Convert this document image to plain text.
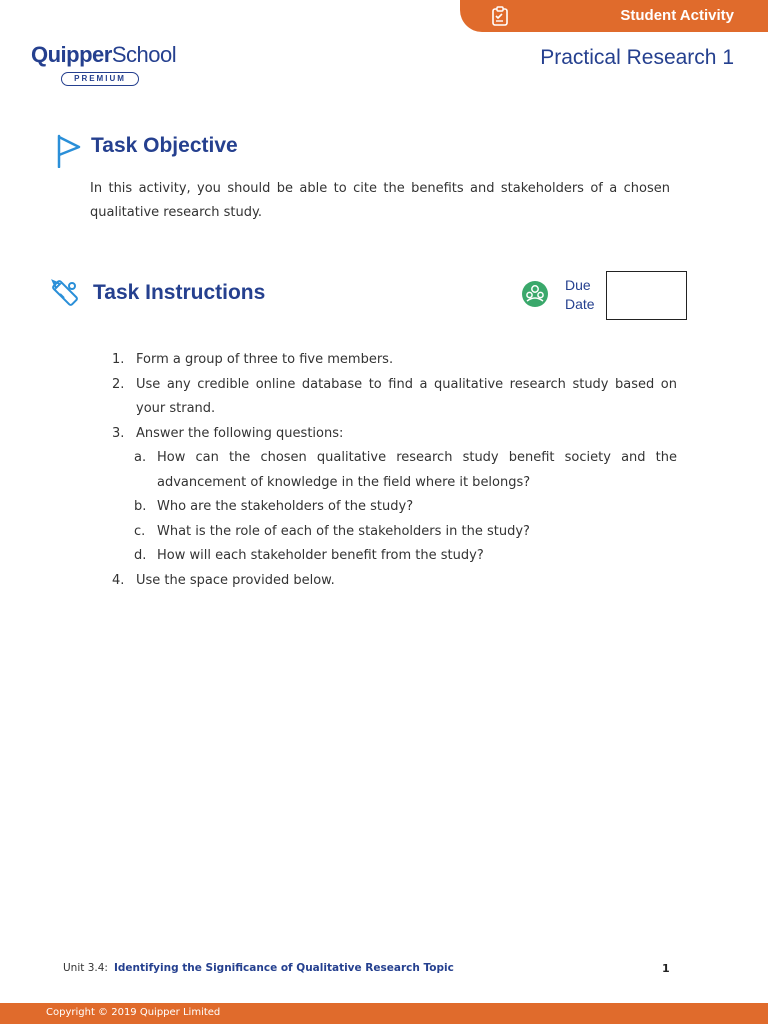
Student Activity
QuipperSchool
PREMIUM
Practical Research 1
Task Objective
In this activity, you should be able to cite the benefits and stakeholders of a chosen qualitative research study.
Task Instructions	Due Date
1. Form a group of three to five members.
2. Use any credible online database to find a qualitative research study based on your strand.
3. Answer the following questions:
a. How can the chosen qualitative research study benefit society and the advancement of knowledge in the field where it belongs?
b. Who are the stakeholders of the study?
c. What is the role of each of the stakeholders in the study?
d. How will each stakeholder benefit from the study?
4. Use the space provided below.
Unit 3.4: Identifying the Significance of Qualitative Research Topic	1
Copyright © 2019 Quipper Limited
